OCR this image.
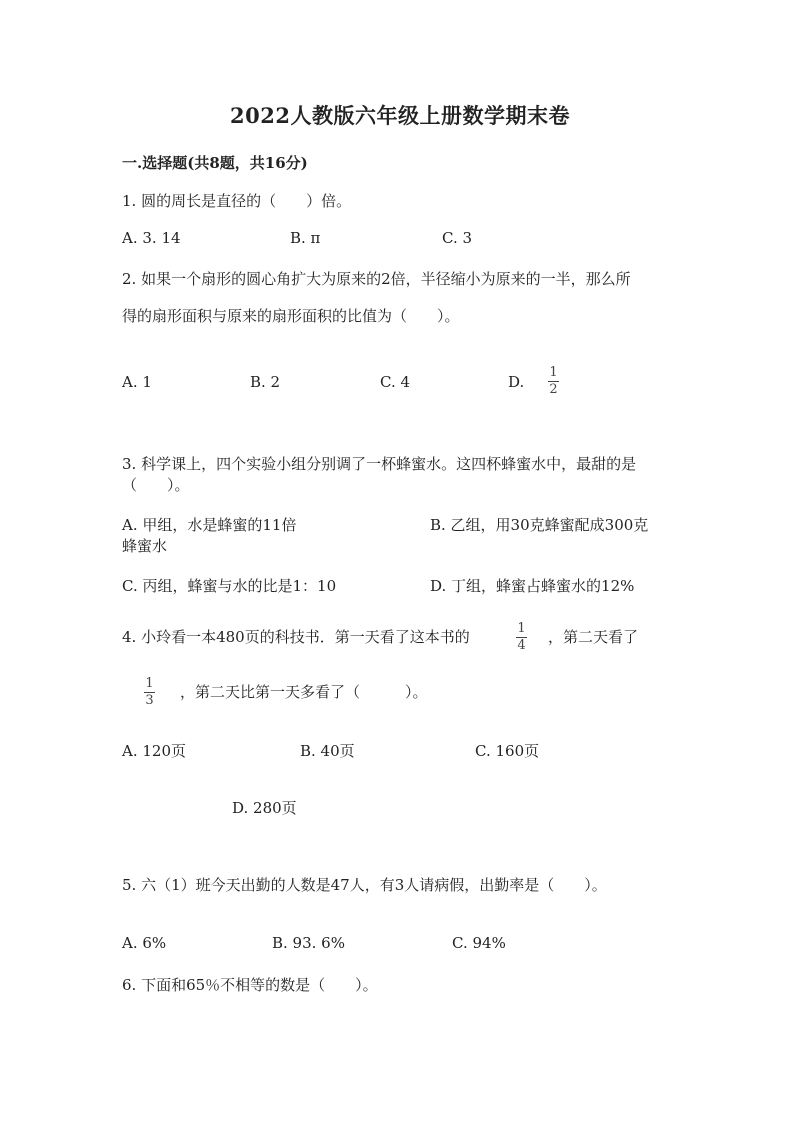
2022人教版六年级上册数学期末卷
一.选择题(共8题，共16分)
1. 圆的周长是直径的（　　）倍。
A. 3. 14	B. π	C. 3
2. 如果一个扇形的圆心角扩大为原来的2倍，半径缩小为原来的一半，那么所
得的扇形面积与原来的扇形面积的比值为（　　）。
A. 1	B. 2	C. 4	D.
1
2
3. 科学课上，四个实验小组分别调了一杯蜂蜜水。这四杯蜂蜜水中，最甜的是
（　　）。
A. 甲组，水是蜂蜜的11倍	B. 乙组，用30克蜂蜜配成300克
蜂蜜水
C. 丙组，蜂蜜与水的比是1：10	D. 丁组，蜂蜜占蜂蜜水的12%
4. 小玲看一本480页的科技书．第一天看了这本书的	1
4 ，第二天看了
1
3 ，第二天比第一天多看了（　　　）。
A. 120页	B. 40页	C. 160页
D. 280页
5. 六（1）班今天出勤的人数是47人，有3人请病假，出勤率是（　　）。
A. 6%	B. 93. 6%	C. 94%
6. 下面和65％不相等的数是（　　）。
